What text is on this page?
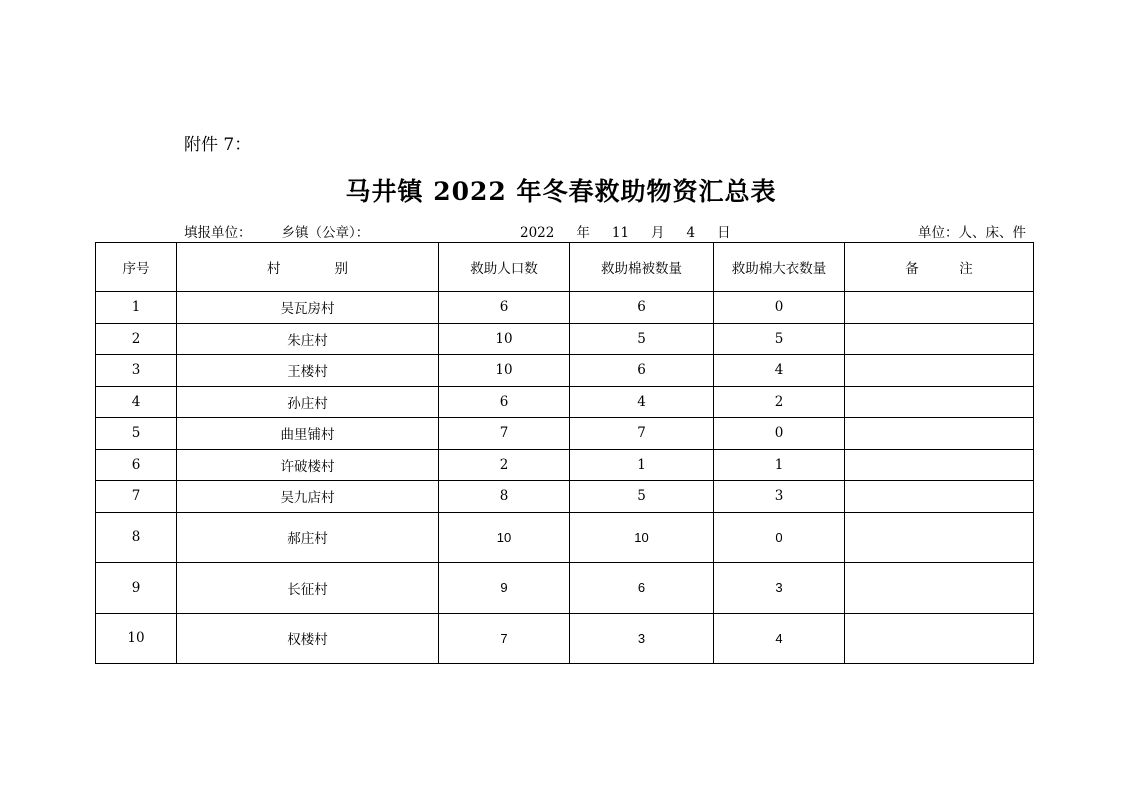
附件 7：
马井镇 2022 年冬春救助物资汇总表
填报单位： 乡镇（公章）：	2022 年 11 月 4 日	单位：人、床、件
序号	村　　　　别	救助人口数	救助棉被数量	救助棉大衣数量	备　　　注
1	吴瓦房村	6	6	0	
2	朱庄村	10	5	5	
3	王楼村	10	6	4	
4	孙庄村	6	4	2	
5	曲里铺村	7	7	0	
6	许破楼村	2	1	1	
7	吴九店村	8	5	3	
8	郝庄村	10	10	0	
9	长征村	9	6	3	
10	权楼村	7	3	4	
